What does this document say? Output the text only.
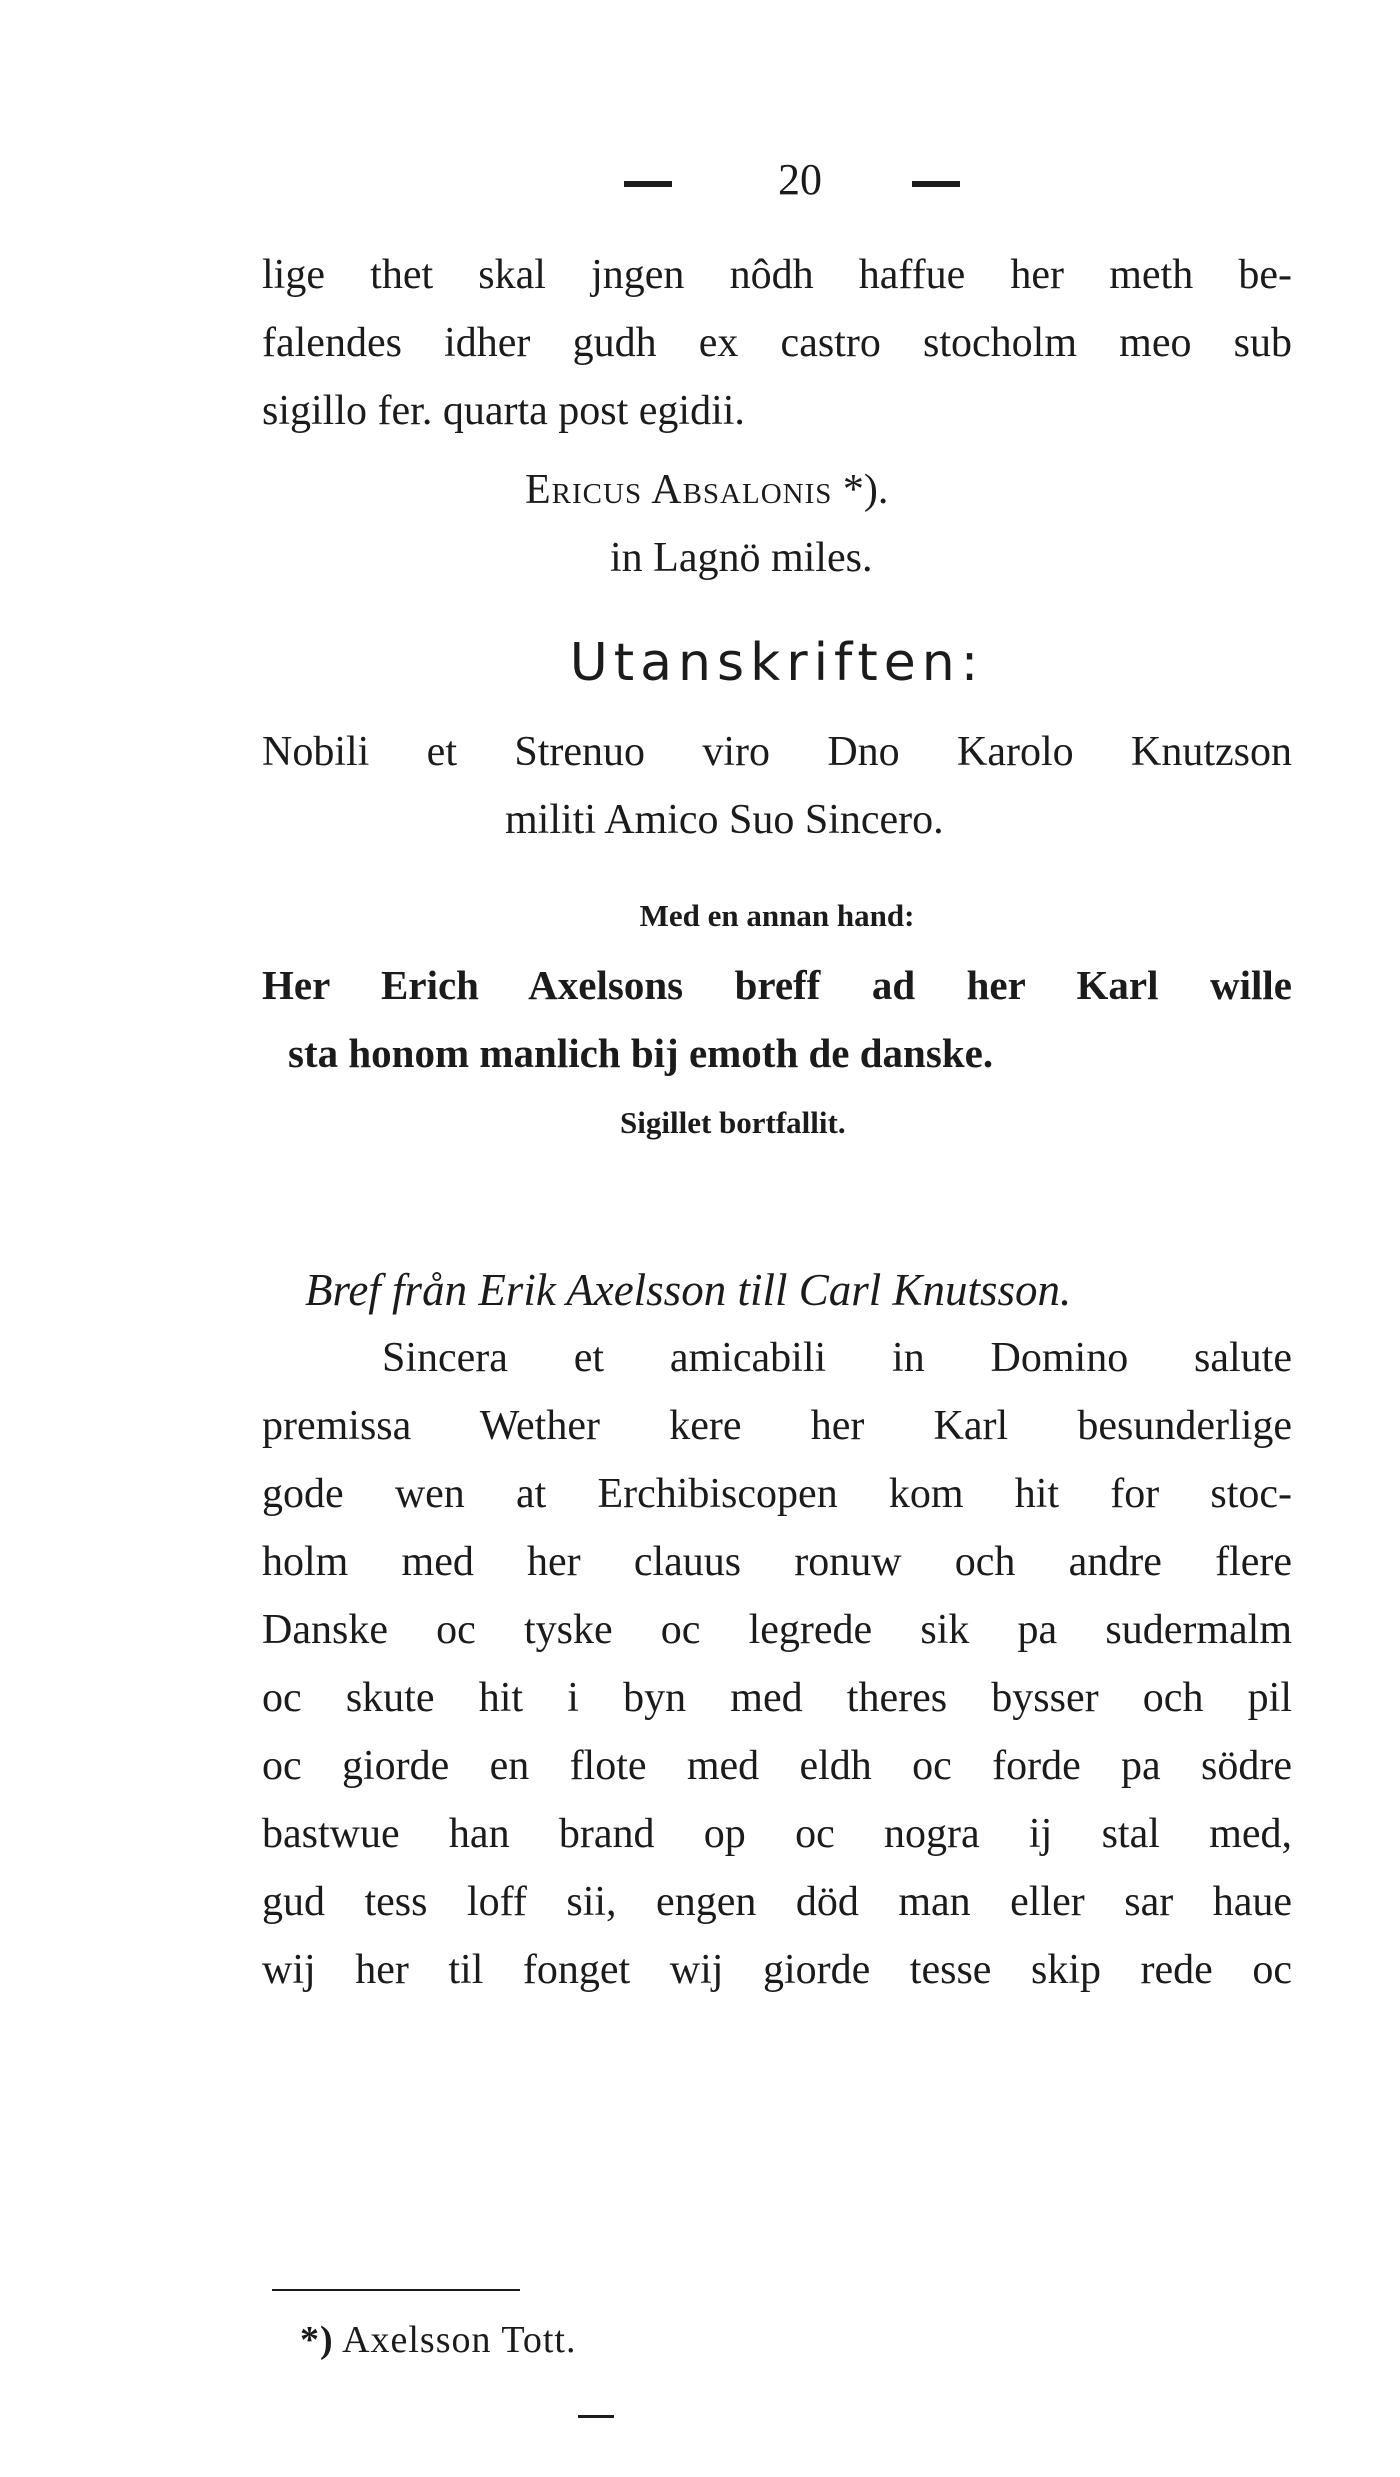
20
lige thet skal jngen nôdh haffue her meth be-
falendes idher gudh ex castro stocholm meo sub
sigillo fer. quarta post egidii.
Ericus Absalonis *).
in Lagnö miles.
Utanskriften:
Nobili et Strenuo viro Dno Karolo Knutzson
militi Amico Suo Sincero.
Med en annan hand:
Her Erich Axelsons breff ad her Karl wille
sta honom manlich bij emoth de danske.
Sigillet bortfallit.
Bref från Erik Axelsson till Carl Knutsson.
Sincera et amicabili in Domino salute
premissa Wether kere her Karl besunderlige
gode wen at Erchibiscopen kom hit for stoc-
holm med her clauus ronuw och andre flere
Danske oc tyske oc legrede sik pa sudermalm
oc skute hit i byn med theres bysser och pil
oc giorde en flote med eldh oc forde pa södre
bastwue han brand op oc nogra ij stal med,
gud tess loff sii, engen död man eller sar haue
wij her til fonget wij giorde tesse skip rede oc
*) Axelsson Tott.
